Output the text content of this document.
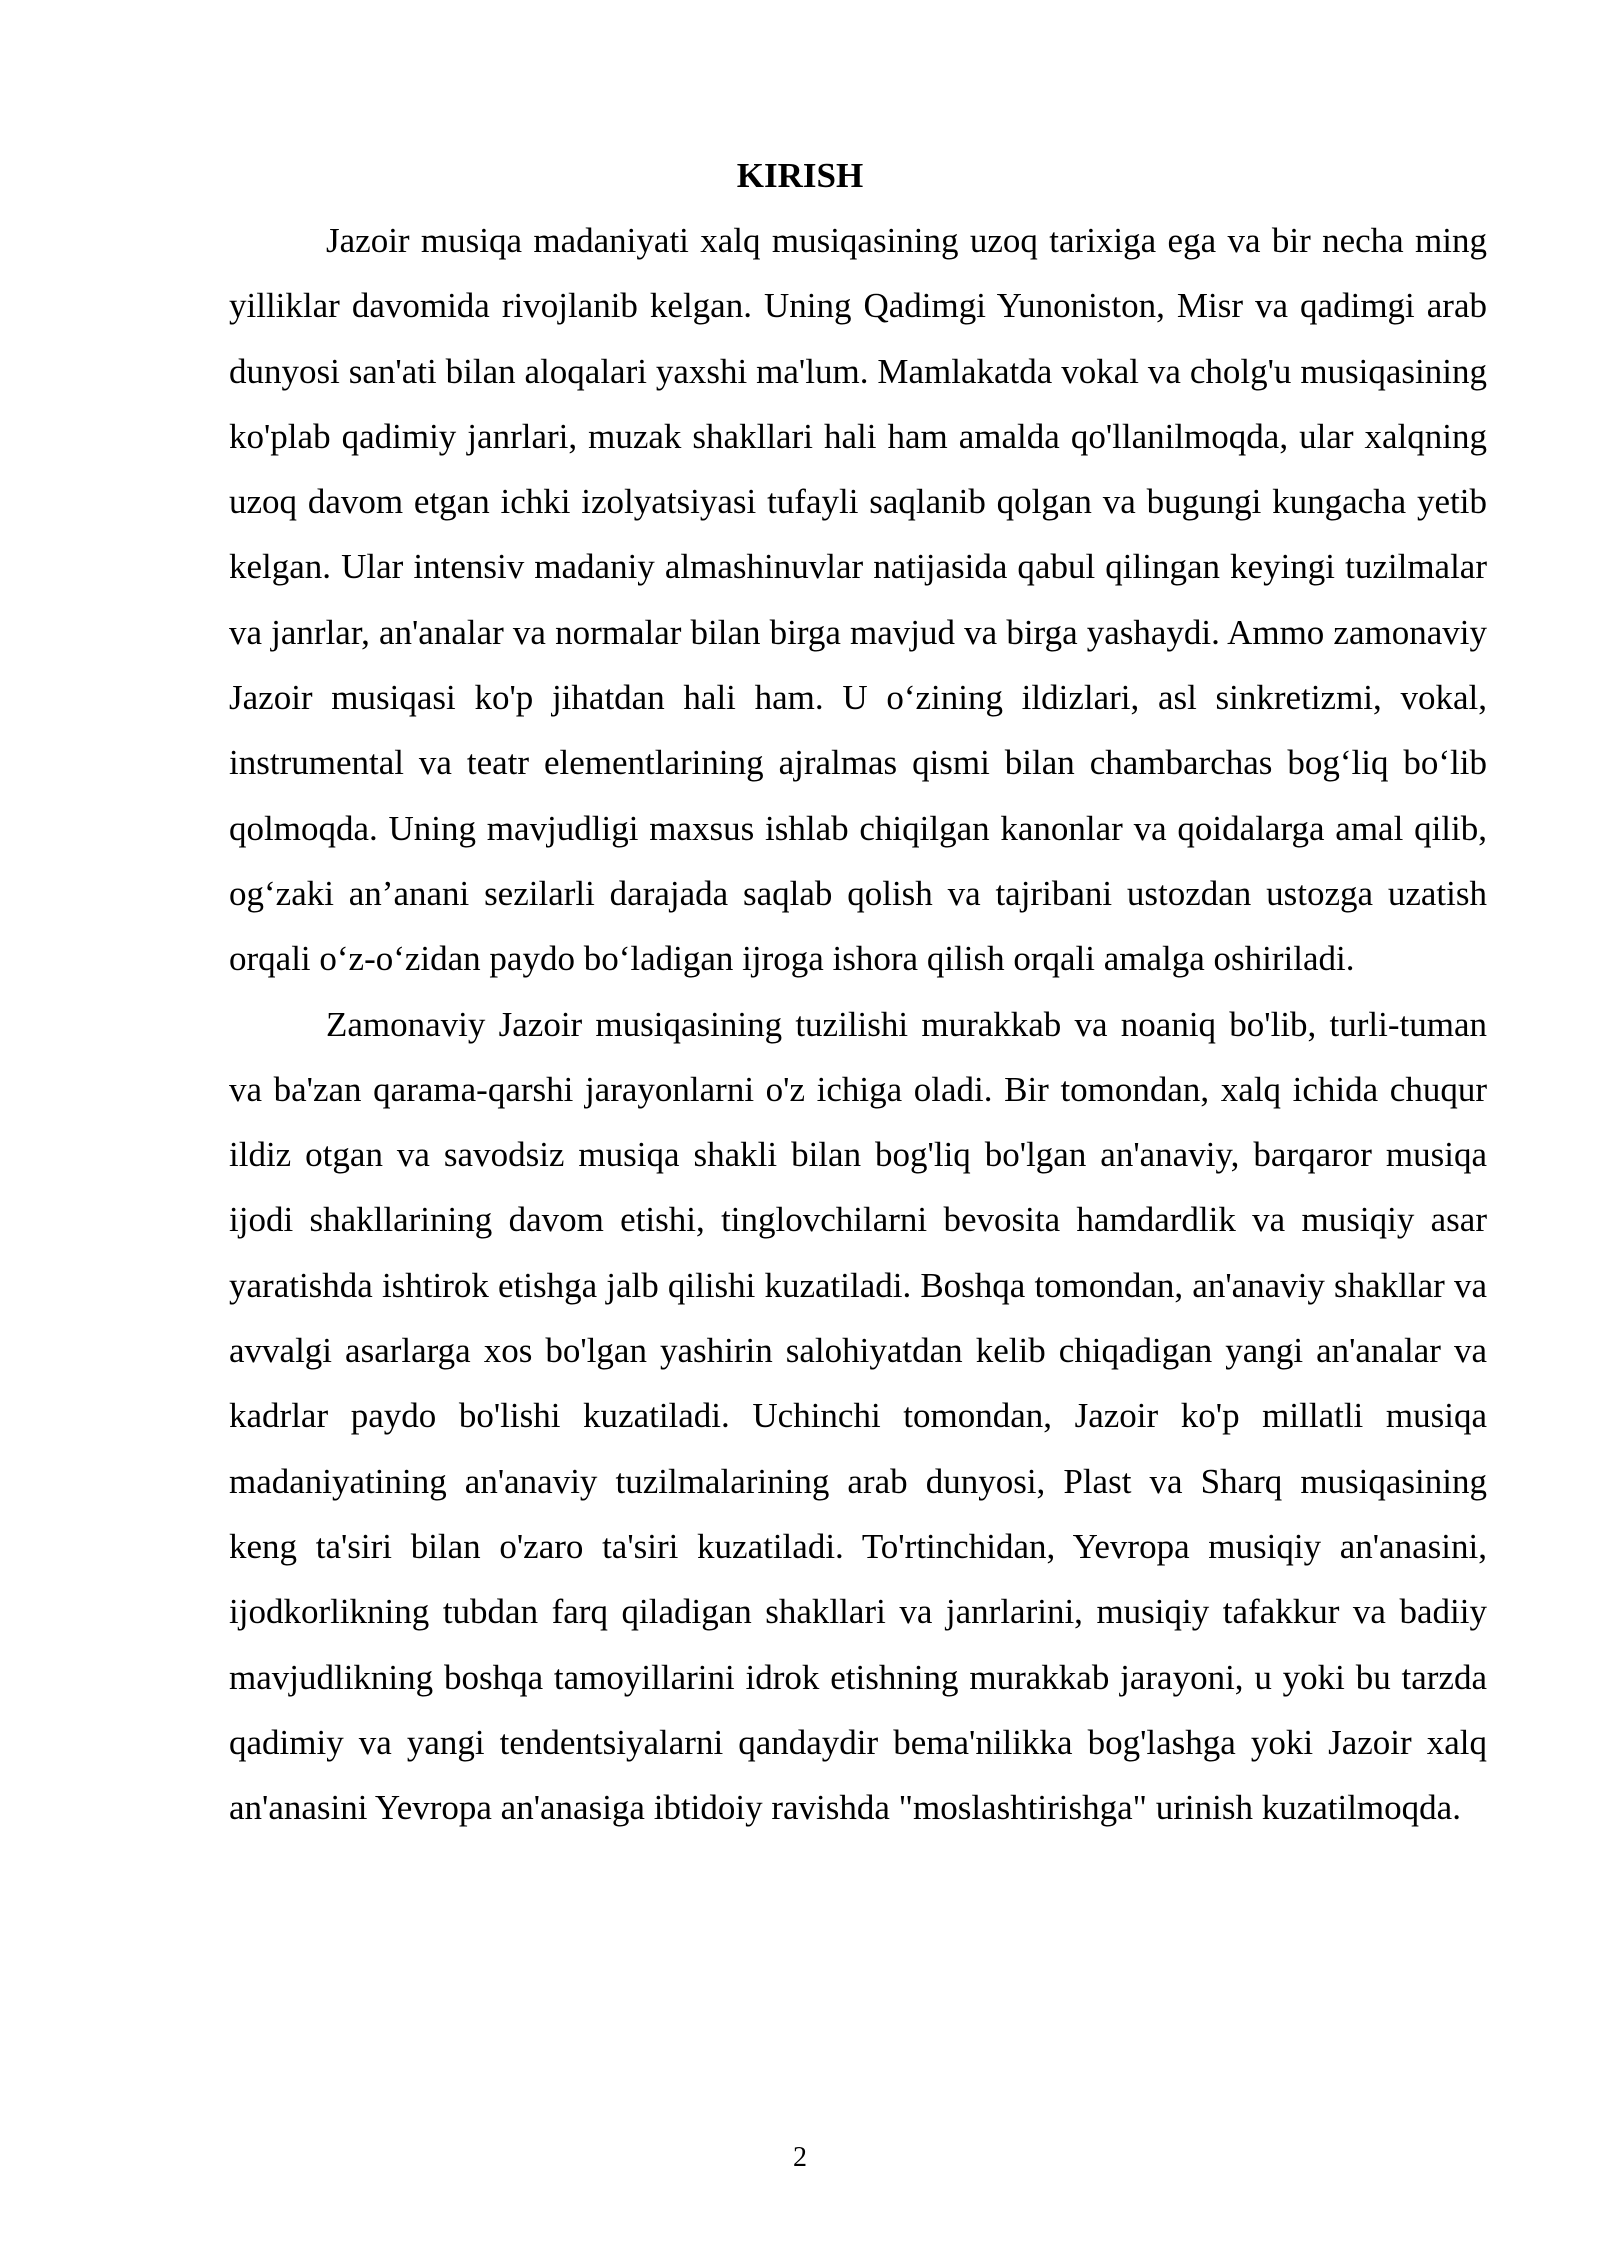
KIRISH

Jazoir musiqa madaniyati xalq musiqasining uzoq tarixiga ega va bir necha ming yilliklar davomida rivojlanib kelgan. Uning Qadimgi Yunoniston, Misr va qadimgi arab dunyosi san'ati bilan aloqalari yaxshi ma'lum. Mamlakatda vokal va cholg'u musiqasining ko'plab qadimiy janrlari, muzak shakllari hali ham amalda qo'llanilmoqda, ular xalqning uzoq davom etgan ichki izolyatsiyasi tufayli saqlanib qolgan va bugungi kungacha yetib kelgan. Ular intensiv madaniy almashinuvlar natijasida qabul qilingan keyingi tuzilmalar va janrlar, an'analar va normalar bilan birga mavjud va birga yashaydi. Ammo zamonaviy Jazoir musiqasi ko'p jihatdan hali ham. U o‘zining ildizlari, asl sinkretizmi, vokal, instrumental va teatr elementlarining ajralmas qismi bilan chambarchas bog‘liq bo‘lib qolmoqda. Uning mavjudligi maxsus ishlab chiqilgan kanonlar va qoidalarga amal qilib, og‘zaki an’anani sezilarli darajada saqlab qolish va tajribani ustozdan ustozga uzatish orqali o‘z-o‘zidan paydo bo‘ladigan ijroga ishora qilish orqali amalga oshiriladi.

Zamonaviy Jazoir musiqasining tuzilishi murakkab va noaniq bo'lib, turli-tuman va ba'zan qarama-qarshi jarayonlarni o'z ichiga oladi. Bir tomondan, xalq ichida chuqur ildiz otgan va savodsiz musiqa shakli bilan bog'liq bo'lgan an'anaviy, barqaror musiqa ijodi shakllarining davom etishi, tinglovchilarni bevosita hamdardlik va musiqiy asar yaratishda ishtirok etishga jalb qilishi kuzatiladi. Boshqa tomondan, an'anaviy shakllar va avvalgi asarlarga xos bo'lgan yashirin salohiyatdan kelib chiqadigan yangi an'analar va kadrlar paydo bo'lishi kuzatiladi. Uchinchi tomondan, Jazoir ko'p millatli musiqa madaniyatining an'anaviy tuzilmalarining arab dunyosi, Plast va Sharq musiqasining keng ta'siri bilan o'zaro ta'siri kuzatiladi. To'rtinchidan, Yevropa musiqiy an'anasini, ijodkorlikning tubdan farq qiladigan shakllari va janrlarini, musiqiy tafakkur va badiiy mavjudlikning boshqa tamoyillarini idrok etishning murakkab jarayoni, u yoki bu tarzda qadimiy va yangi tendentsiyalarni qandaydir bema'nilikka bog'lashga yoki Jazoir xalq an'anasini Yevropa an'anasiga ibtidoiy ravishda "moslashtirishga" urinish kuzatilmoqda.

2
